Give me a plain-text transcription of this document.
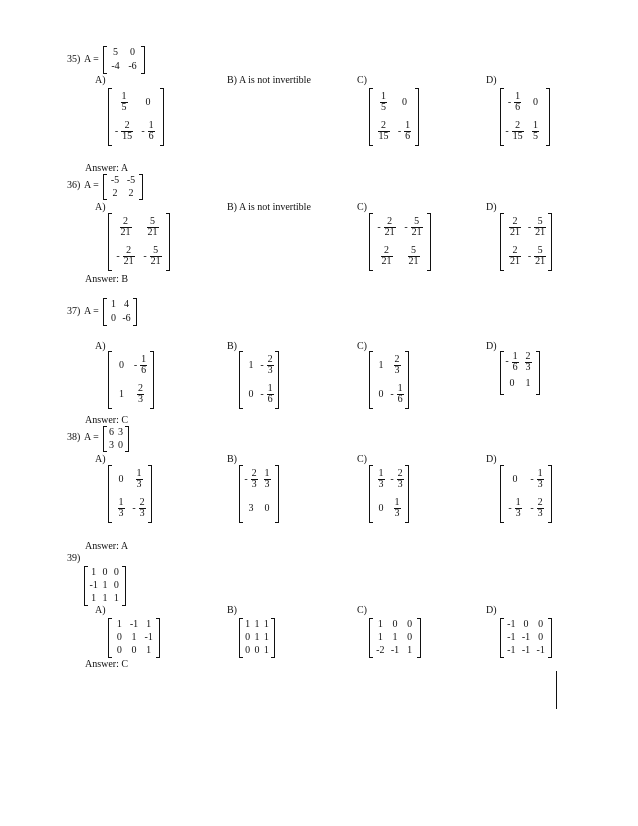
35) A =
5 0
-4 -6
A)
$\frac{1}{5} 0$
- $\frac{2}{15} - \frac{1}{6}$
B) A is not invertible	C)
$\frac{1}{5} 0$
$\frac{2}{15} - \frac{1}{6}$
D)
- $\frac{1}{6} 0$
- $\frac{2}{15} \frac{1}{5}$
Answer: A
36) A = -5 -5
2 2
A)
$\frac{2}{21} \frac{5}{21}$
- $\frac{2}{21} - \frac{5}{21}$
B) A is not invertible	C)
- $\frac{2}{21} - \frac{5}{21}$
$\frac{2}{21} \frac{5}{21}$
D)
$\frac{2}{21} - \frac{5}{21}$
$\frac{2}{21} - \frac{5}{21}$
Answer: B
37) A =
1 4
0 -6
A)
$0 - \frac{1}{6}$
$1 \frac{2}{3}$
B)
$1 - \frac{2}{3}$
$0 - \frac{1}{6}$
C)
$1 \frac{2}{3}$
$0 - \frac{1}{6}$
D)
- $\frac{1}{6} \frac{2}{3}$
0 1
Answer: C
38) A = 6 3
3 0
A)
$0 \frac{1}{3}$
$\frac{1}{3} - \frac{2}{3}$
B)
- $\frac{2}{3} \frac{1}{3}$
3 0
C)
$\frac{1}{3} - \frac{2}{3}$
$0 \frac{1}{3}$
D)
$0 - \frac{1}{3}$
- $\frac{1}{3} - \frac{2}{3}$
Answer: A
39)
1 0 0
-1 1 0
1 1 1
A)
1 -1 1
0 1 -1
0 0 1
B)
1 1 1
0 1 1
0 0 1
C)
1 0 0
1 1 0
-2 -1 1
D)
-1 0 0
-1 -1 0
-1 -1 -1
Answer: C
